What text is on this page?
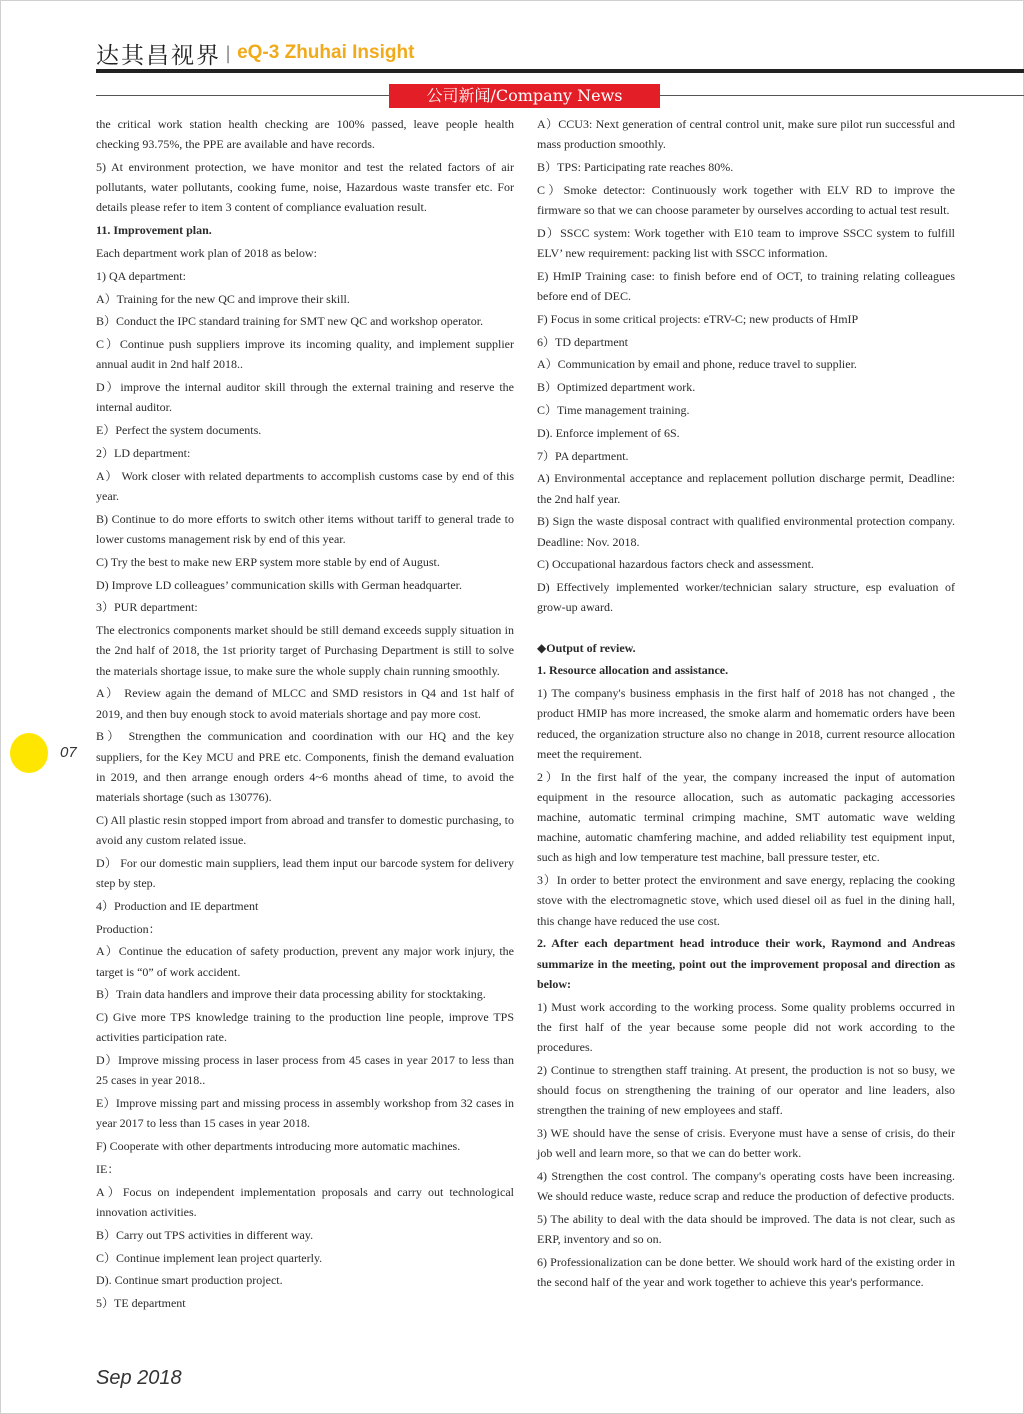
达其昌视界 | eQ-3 Zhuhai Insight
公司新闻/Company News

the critical work station health checking are 100% passed, leave people health checking 93.75%, the PPE are available and have records.

5) At environment protection, we have monitor and test the related factors of air pollutants, water pollutants, cooking fume, noise, Hazardous waste transfer etc. For details please refer to item 3 content of compliance evaluation result.

11. Improvement plan.

Each department work plan of 2018 as below:

1) QA department:

A）Training for the new QC and improve their skill.

B）Conduct the IPC standard training for SMT new QC and workshop operator.

C）Continue push suppliers improve its incoming quality, and implement supplier annual audit in 2nd half 2018..

D）improve the internal auditor skill through the external training and reserve the internal auditor.

E）Perfect the system documents.

2）LD department:

A） Work closer with related departments to accomplish customs case by end of this year.

B) Continue to do more efforts to switch other items without tariff to general trade to lower customs management risk by end of this year.

C) Try the best to make new ERP system more stable by end of August.

D) Improve LD colleagues’ communication skills with German headquarter.

3）PUR department:

The electronics components market should be still demand exceeds supply situation in the 2nd half of 2018, the 1st priority target of Purchasing Department is still to solve the materials shortage issue, to make sure the whole supply chain running smoothly.

A） Review again the demand of MLCC and SMD resistors in Q4 and 1st half of 2019, and then buy enough stock to avoid materials shortage and pay more cost.

B） Strengthen the communication and coordination with our HQ and the key suppliers, for the Key MCU and PRE etc. Components, finish the demand evaluation in 2019, and then arrange enough orders 4~6 months ahead of time, to avoid the materials shortage (such as 130776).

C) All plastic resin stopped import from abroad and transfer to domestic purchasing, to avoid any custom related issue.

D） For our domestic main suppliers, lead them input our barcode system for delivery step by step.

4）Production and IE department

Production：

A）Continue the education of safety production, prevent any major work injury, the target is “0” of work accident.

B）Train data handlers and improve their data processing ability for stocktaking.

C) Give more TPS knowledge training to the production line people, improve TPS activities participation rate.

D）Improve missing process in laser process from 45 cases in year 2017 to less than 25 cases in year 2018..

E）Improve missing part and missing process in assembly workshop from 32 cases in year 2017 to less than 15 cases in year 2018.

F) Cooperate with other departments introducing more automatic machines.

IE：

A）Focus on independent implementation proposals and carry out technological innovation activities.

B）Carry out TPS activities in different way.

C）Continue implement lean project quarterly.

D). Continue smart production project.

5）TE department

A）CCU3: Next generation of central control unit, make sure pilot run successful and mass production smoothly.

B）TPS: Participating rate reaches 80%.

C）Smoke detector: Continuously work together with ELV RD to improve the firmware so that we can choose parameter by ourselves according to actual test result.

D）SSCC system: Work together with E10 team to improve SSCC system to fulfill ELV’ new requirement: packing list with SSCC information.

E) HmIP Training case: to finish before end of OCT, to training relating colleagues before end of DEC.

F) Focus in some critical projects: eTRV-C; new products of HmIP

6）TD department

A）Communication by email and phone, reduce travel to supplier.

B）Optimized department work.

C）Time management training.

D). Enforce implement of 6S.

7）PA department.

A) Environmental acceptance and replacement pollution discharge permit, Deadline: the 2nd half year.

B) Sign the waste disposal contract with qualified environmental protection company. Deadline: Nov. 2018.

C) Occupational hazardous factors check and assessment.

D) Effectively implemented worker/technician salary structure, esp evaluation of grow-up award.

◆Output of review.

1. Resource allocation and assistance.

1) The company's business emphasis in the first half of 2018 has not changed , the product HMIP has more increased, the smoke alarm and homematic orders have been reduced, the organization structure also no change in 2018, current resource allocation meet the requirement.

2）In the first half of the year, the company increased the input of automation equipment in the resource allocation, such as automatic packaging accessories machine, automatic terminal crimping machine, SMT automatic wave welding machine, automatic chamfering machine, and added reliability test equipment input, such as high and low temperature test machine, ball pressure tester, etc.

3）In order to better protect the environment and save energy, replacing the cooking stove with the electromagnetic stove, which used diesel oil as fuel in the dining hall, this change have reduced the use cost.

2. After each department head introduce their work, Raymond and Andreas summarize in the meeting, point out the improvement proposal and direction as below:

1) Must work according to the working process. Some quality problems occurred in the first half of the year because some people did not work according to the procedures.

2) Continue to strengthen staff training. At present, the production is not so busy, we should focus on strengthening the training of our operator and line leaders, also strengthen the training of new employees and staff.

3) WE should have the sense of crisis. Everyone must have a sense of crisis, do their job well and learn more, so that we can do better work.

4) Strengthen the cost control. The company's operating costs have been increasing. We should reduce waste, reduce scrap and reduce the production of defective products.

5) The ability to deal with the data should be improved. The data is not clear, such as ERP, inventory and so on.

6) Professionalization can be done better. We should work hard of the existing order in the second half of the year and work together to achieve this year's performance.

07
Sep 2018
